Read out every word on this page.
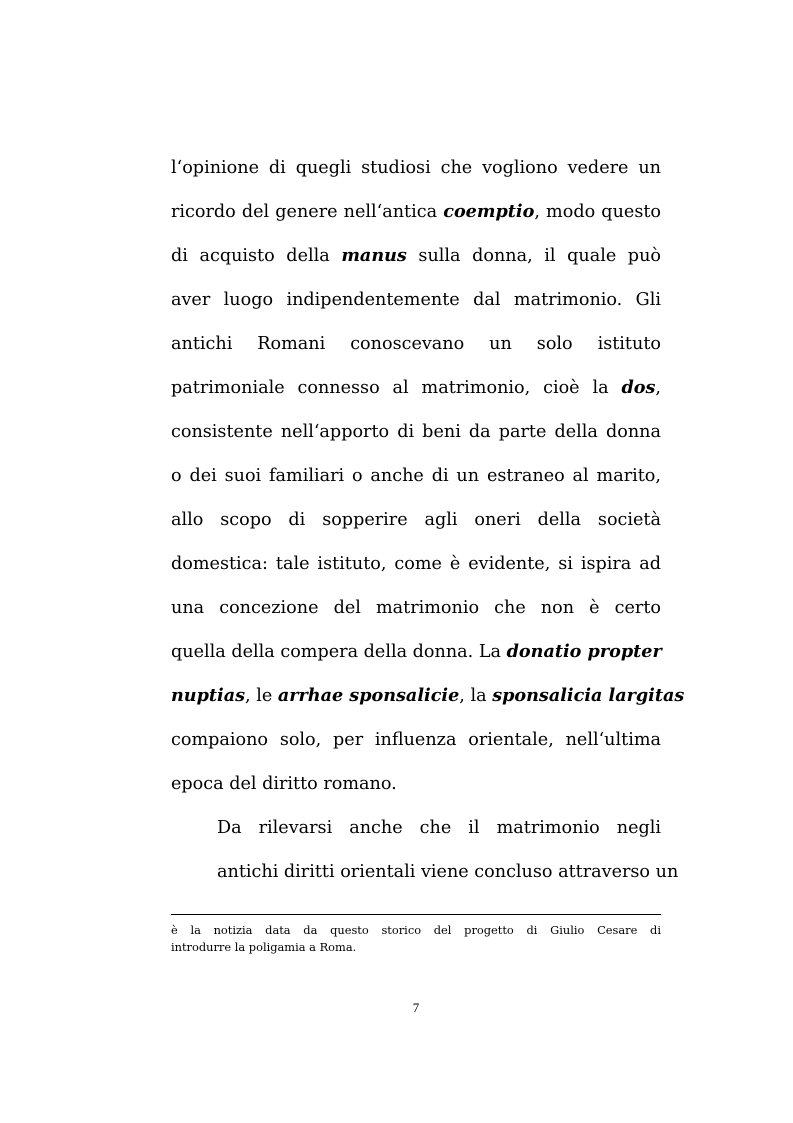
l‘opinione di quegli studiosi che vogliono vedere un
ricordo del genere nell‘antica coemptio, modo questo
di acquisto della manus sulla donna, il quale può
aver luogo indipendentemente dal matrimonio. Gli
antichi Romani conoscevano un solo istituto
patrimoniale connesso al matrimonio, cioè la dos,
consistente nell‘apporto di beni da parte della donna
o dei suoi familiari o anche di un estraneo al marito,
allo scopo di sopperire agli oneri della società
domestica: tale istituto, come è evidente, si ispira ad
una concezione del matrimonio che non è certo
quella della compera della donna. La donatio propter
nuptias, le arrhae sponsalicie, la sponsalicia largitas
compaiono solo, per influenza orientale, nell‘ultima
epoca del diritto romano.

Da rilevarsi anche che il matrimonio negli
antichi diritti orientali viene concluso attraverso un

è la notizia data da questo storico del progetto di Giulio Cesare di
introdurre la poligamia a Roma.
7
